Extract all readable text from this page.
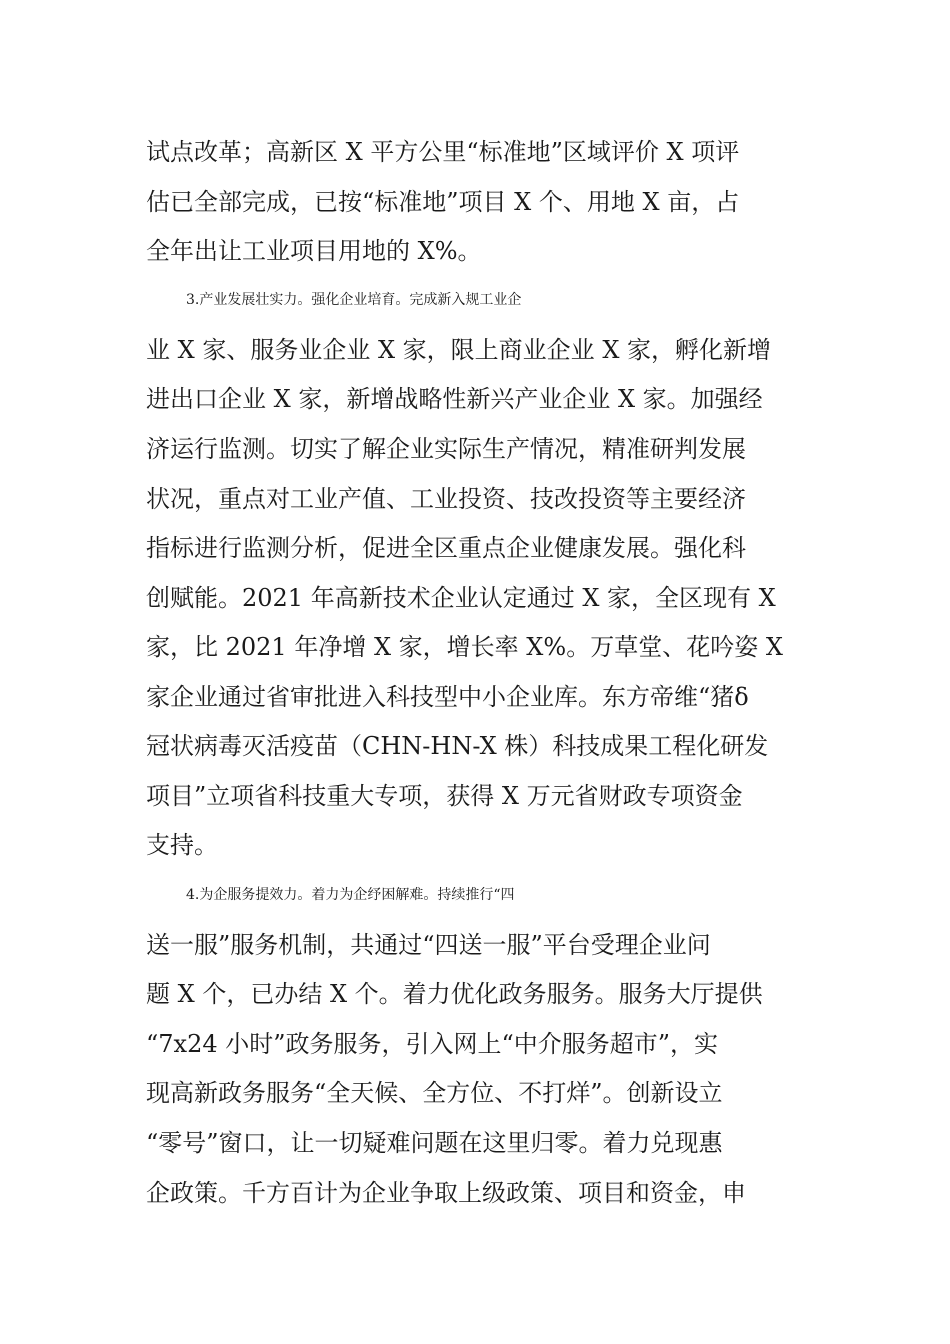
试点改革；高新区 X 平方公里“标准地”区域评价 X 项评
估已全部完成，已按“标准地”项目 X 个、用地 X 亩，占
全年出让工业项目用地的 X%。
3.产业发展壮实力。强化企业培育。完成新入规工业企
业 X 家、服务业企业 X 家，限上商业企业 X 家，孵化新增
进出口企业 X 家，新增战略性新兴产业企业 X 家。加强经
济运行监测。切实了解企业实际生产情况，精准研判发展
状况，重点对工业产值、工业投资、技改投资等主要经济
指标进行监测分析，促进全区重点企业健康发展。强化科
创赋能。2021 年高新技术企业认定通过 X 家，全区现有 X
家，比 2021 年净增 X 家，增长率 X%。万草堂、花吟姿 X
家企业通过省审批进入科技型中小企业库。东方帝维“猪δ
冠状病毒灭活疫苗（CHN-HN-X 株）科技成果工程化研发
项目”立项省科技重大专项，获得 X 万元省财政专项资金
支持。
4.为企服务提效力。着力为企纾困解难。持续推行“四
送一服”服务机制，共通过“四送一服”平台受理企业问
题 X 个，已办结 X 个。着力优化政务服务。服务大厅提供
“7x24 小时”政务服务，引入网上“中介服务超市”，实
现高新政务服务“全天候、全方位、不打烊”。创新设立
“零号”窗口，让一切疑难问题在这里归零。着力兑现惠
企政策。千方百计为企业争取上级政策、项目和资金，申
